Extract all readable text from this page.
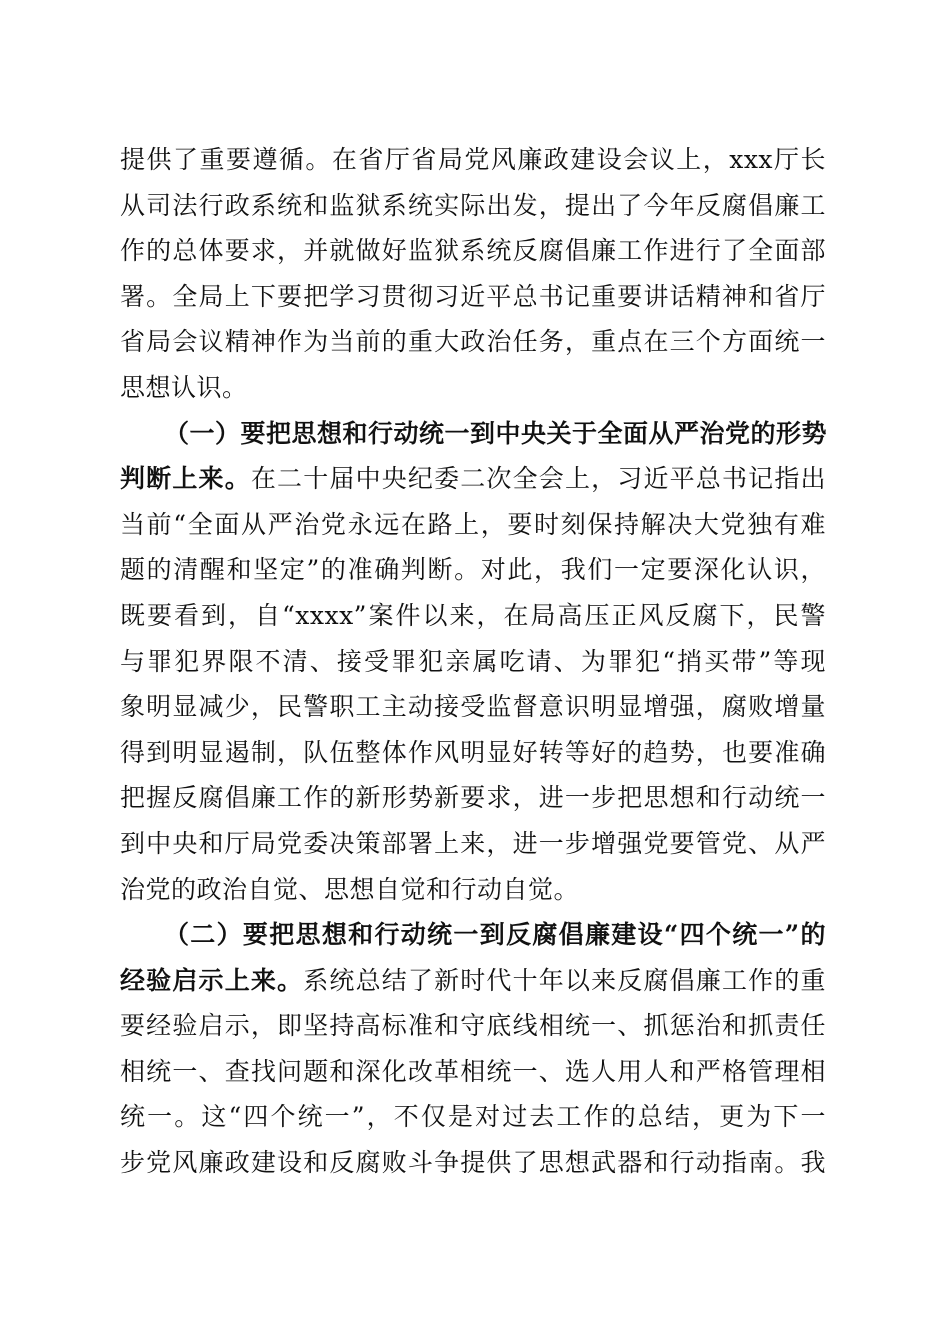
提供了重要遵循。在省厅省局党风廉政建设会议上，xxx厅长
从司法行政系统和监狱系统实际出发，提出了今年反腐倡廉工
作的总体要求，并就做好监狱系统反腐倡廉工作进行了全面部
署。全局上下要把学习贯彻习近平总书记重要讲话精神和省厅
省局会议精神作为当前的重大政治任务，重点在三个方面统一
思想认识。
（一）要把思想和行动统一到中央关于全面从严治党的形势
判断上来。在二十届中央纪委二次全会上，习近平总书记指出
当前“全面从严治党永远在路上，要时刻保持解决大党独有难
题的清醒和坚定”的准确判断。对此，我们一定要深化认识，
既要看到，自“xxxx”案件以来，在局高压正风反腐下，民警
与罪犯界限不清、接受罪犯亲属吃请、为罪犯“捎买带”等现
象明显减少，民警职工主动接受监督意识明显增强，腐败增量
得到明显遏制，队伍整体作风明显好转等好的趋势，也要准确
把握反腐倡廉工作的新形势新要求，进一步把思想和行动统一
到中央和厅局党委决策部署上来，进一步增强党要管党、从严
治党的政治自觉、思想自觉和行动自觉。
（二）要把思想和行动统一到反腐倡廉建设“四个统一”的
经验启示上来。系统总结了新时代十年以来反腐倡廉工作的重
要经验启示，即坚持高标准和守底线相统一、抓惩治和抓责任
相统一、查找问题和深化改革相统一、选人用人和严格管理相
统一。这“四个统一”，不仅是对过去工作的总结，更为下一
步党风廉政建设和反腐败斗争提供了思想武器和行动指南。我
